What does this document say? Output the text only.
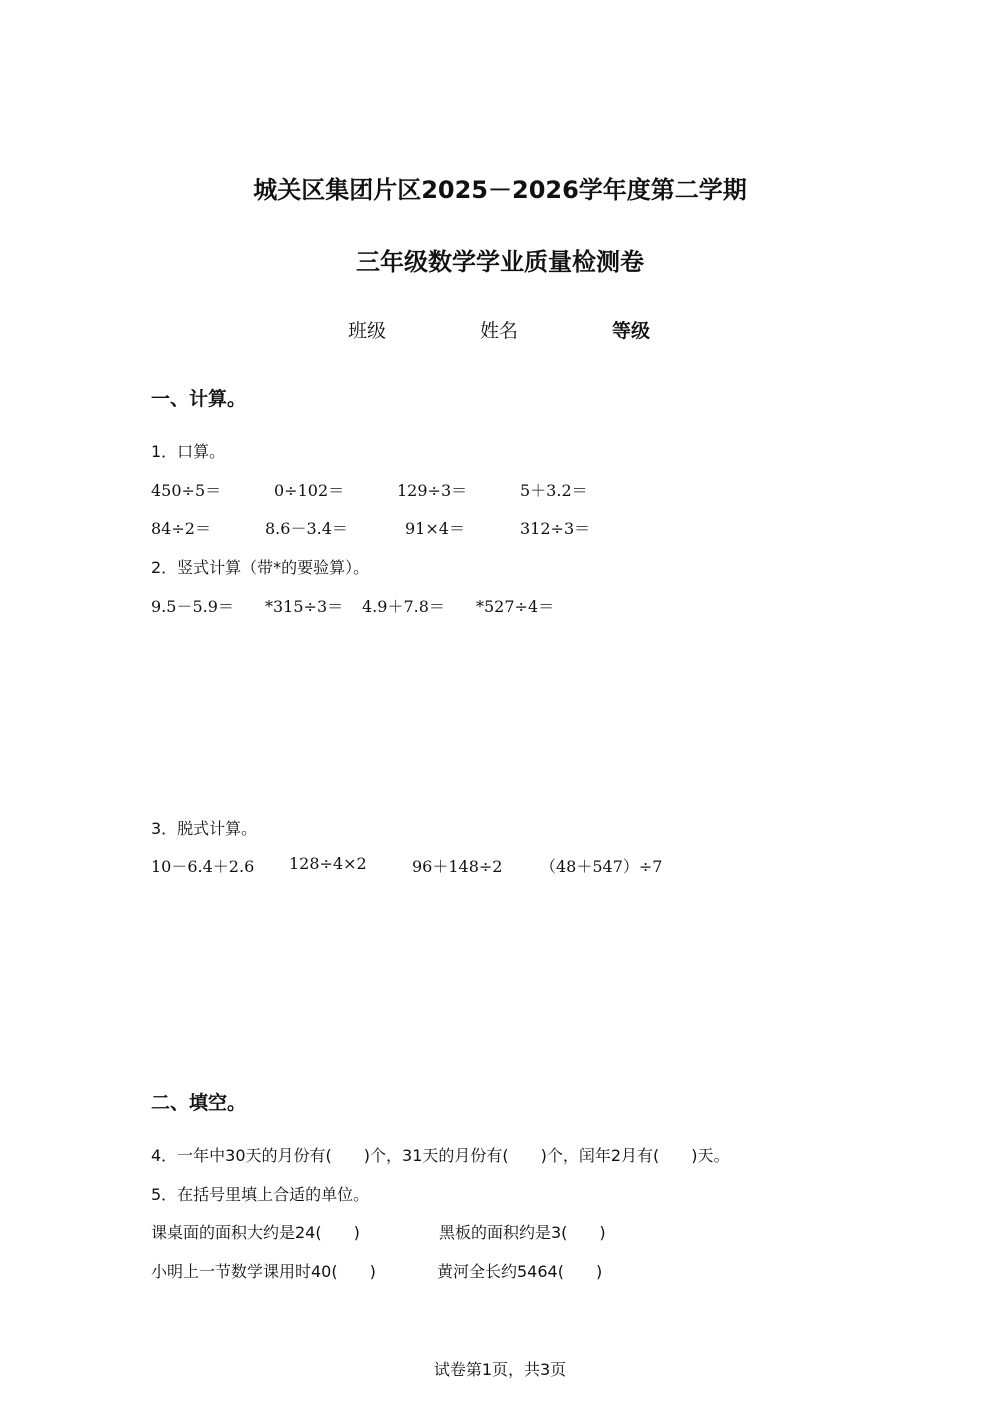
城关区集团片区2025－2026学年度第二学期
三年级数学学业质量检测卷
班级	姓名	等级
一、计算。
1．口算。
450÷5＝	0÷102＝	129÷3＝	5＋3.2＝
84÷2＝	8.6－3.4＝	91×4＝	312÷3＝
2．竖式计算（带*的要验算）。
9.5－5.9＝ *315÷3＝ 4.9＋7.8＝ *527÷4＝
3．脱式计算。
10－6.4＋2.6 128÷4×2	96＋148÷2 （48＋547）÷7
二、填空。
4．一年中30天的月份有(　　)个，31天的月份有(　　)个，闰年2月有(　　)天。
5．在括号里填上合适的单位。
课桌面的面积大约是24(　　)	黑板的面积约是3(　　)
小明上一节数学课用时40(　　)	黄河全长约5464(　　)
试卷第1页，共3页
